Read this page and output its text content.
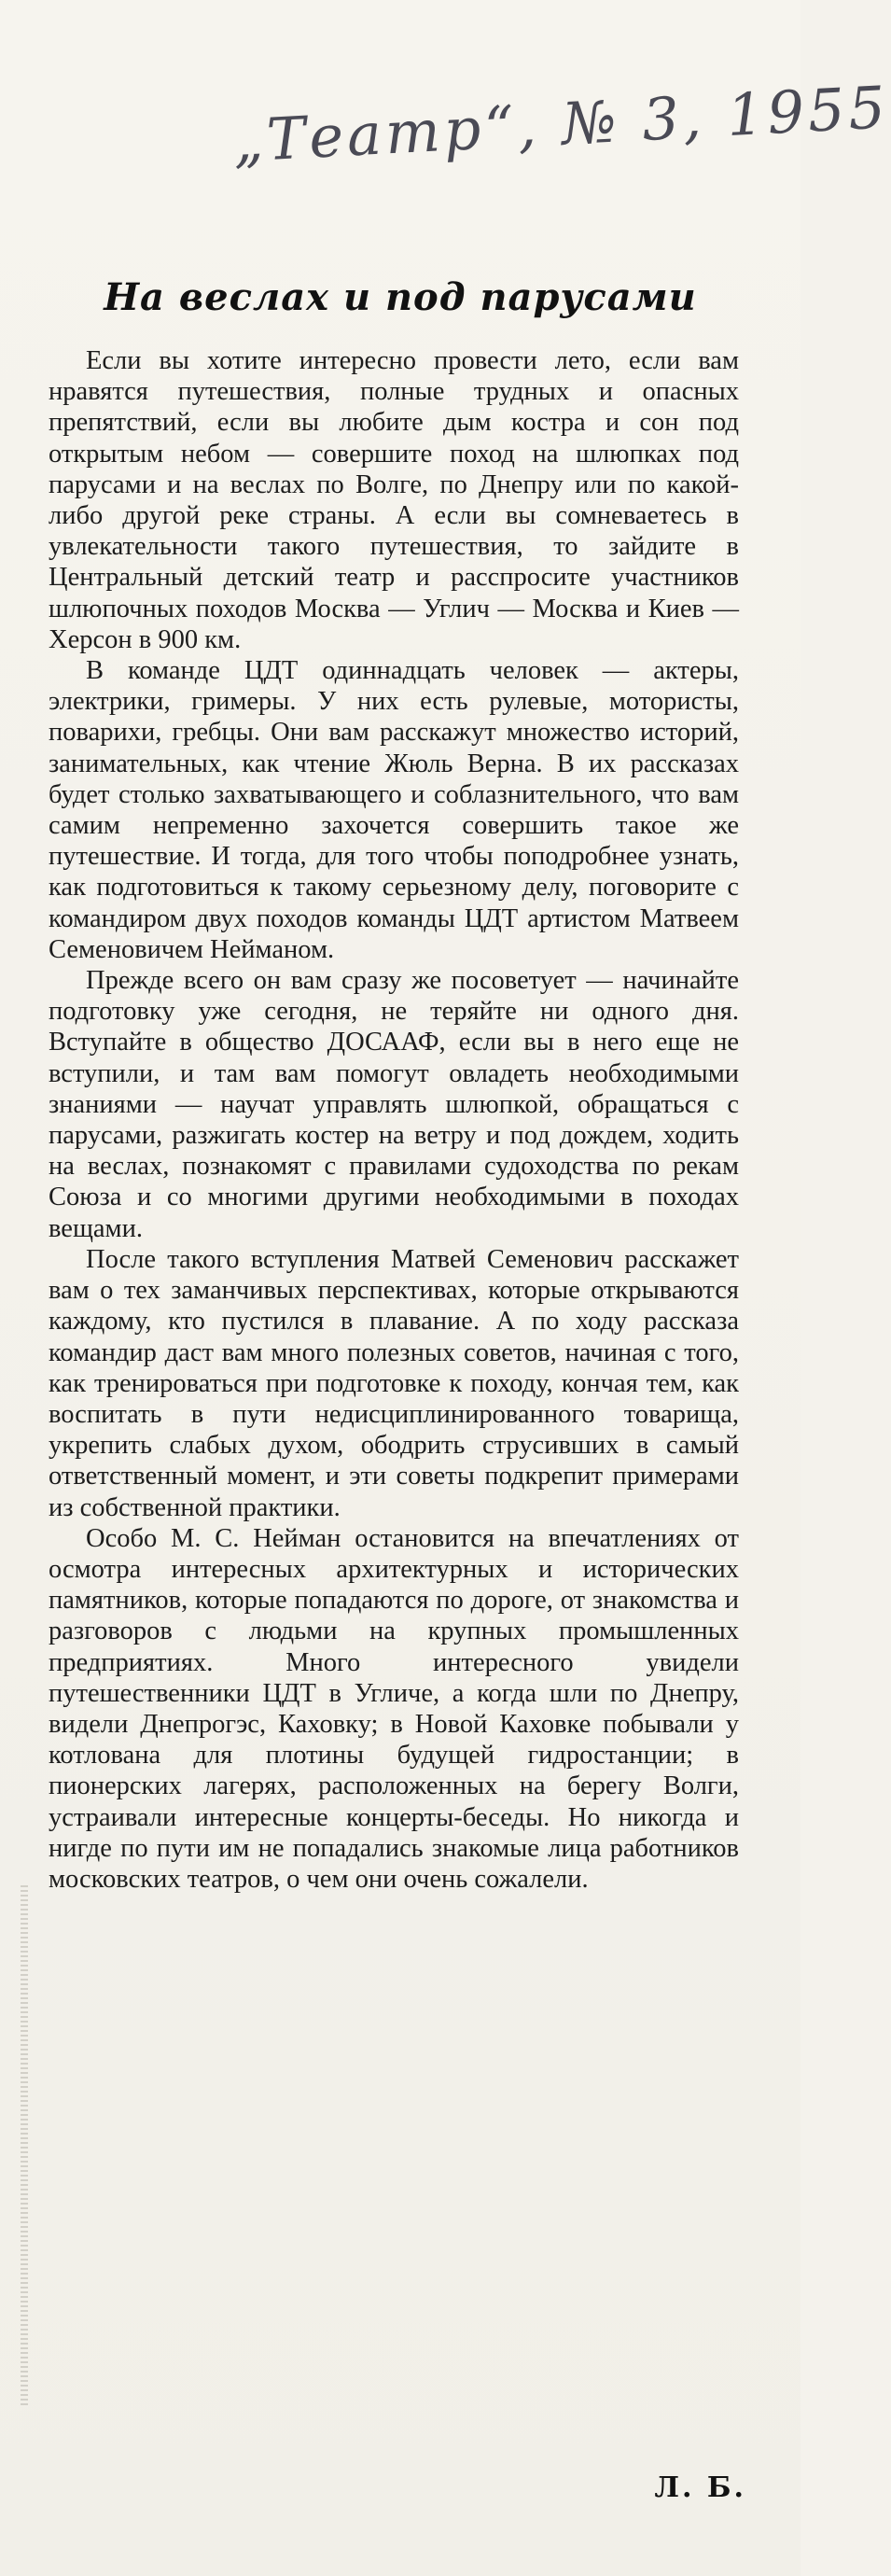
„Театр“, № 3, 1955
На веслах и под парусами

Если вы хотите интересно провести лето, если вам нравятся путешествия, полные трудных и опасных препятствий, если вы любите дым костра и сон под открытым небом — совершите поход на шлюпках под парусами и на веслах по Волге, по Днепру или по какой-либо другой реке страны. А если вы сомневаетесь в увлекательности такого путешествия, то зайдите в Центральный детский театр и расспросите участников шлюпочных походов Москва — Углич — Москва и Киев — Херсон в 900 км.

В команде ЦДТ одиннадцать человек — актеры, электрики, гримеры. У них есть рулевые, мотористы, поварихи, гребцы. Они вам расскажут множество историй, занимательных, как чтение Жюль Верна. В их рассказах будет столько захватывающего и соблазнительного, что вам самим непременно захочется совершить такое же путешествие. И тогда, для того чтобы поподробнее узнать, как подготовиться к такому серьезному делу, поговорите с командиром двух походов команды ЦДТ артистом Матвеем Семеновичем Нейманом.

Прежде всего он вам сразу же посоветует — начинайте подготовку уже сегодня, не теряйте ни одного дня. Вступайте в общество ДОСААФ, если вы в него еще не вступили, и там вам помогут овладеть необходимыми знаниями — научат управлять шлюпкой, обращаться с парусами, разжигать костер на ветру и под дождем, ходить на веслах, познакомят с правилами судоходства по рекам Союза и со многими другими необходимыми в походах вещами.

После такого вступления Матвей Семенович расскажет вам о тех заманчивых перспективах, которые открываются каждому, кто пустился в плавание. А по ходу рассказа командир даст вам много полезных советов, начиная с того, как тренироваться при подготовке к походу, кончая тем, как воспитать в пути недисциплинированного товарища, укрепить слабых духом, ободрить струсивших в самый ответственный момент, и эти советы подкрепит примерами из собственной практики.

Особо М. С. Нейман остановится на впечатлениях от осмотра интересных архитектурных и исторических памятников, которые попадаются по дороге, от знакомства и разговоров с людьми на крупных промышленных предприятиях. Много интересного увидели путешественники ЦДТ в Угличе, а когда шли по Днепру, видели Днепрогэс, Каховку; в Новой Каховке побывали у котлована для плотины будущей гидростанции; в пионерских лагерях, расположенных на берегу Волги, устраивали интересные концерты-беседы. Но никогда и нигде по пути им не попадались знакомые лица работников московских театров, о чем они очень сожалели.

Л. Б.
